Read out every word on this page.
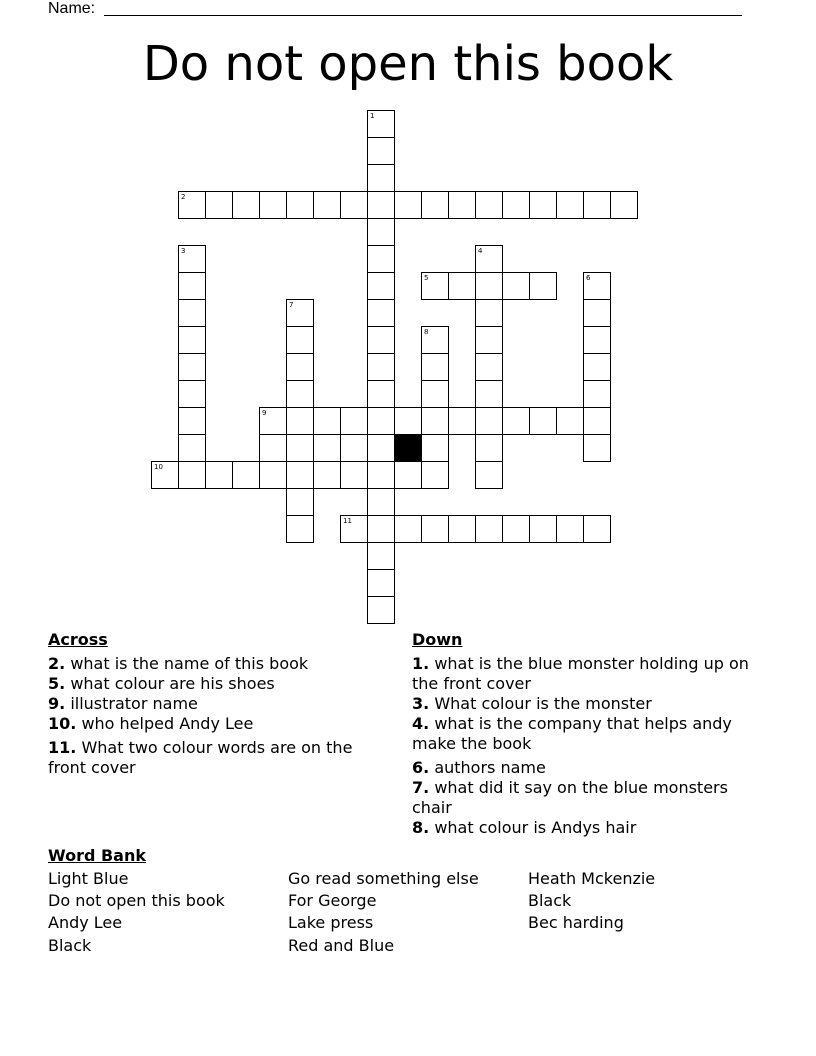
Name:
Do not open this book
2
5
9
10
11
1
3	4
6
7
8
Across
2. what is the name of this book
5. what colour are his shoes
9. illustrator name
10. who helped Andy Lee
11. What two colour words are on the front cover
Down
1. what is the blue monster holding up on the front cover
3. What colour is the monster
4. what is the company that helps andy make the book
6. authors name
7. what did it say on the blue monsters chair
8. what colour is Andys hair
Word Bank
Light Blue
Do not open this book
Andy Lee
Black
Go read something else
For George
Lake press
Red and Blue
Heath Mckenzie
Black
Bec harding
